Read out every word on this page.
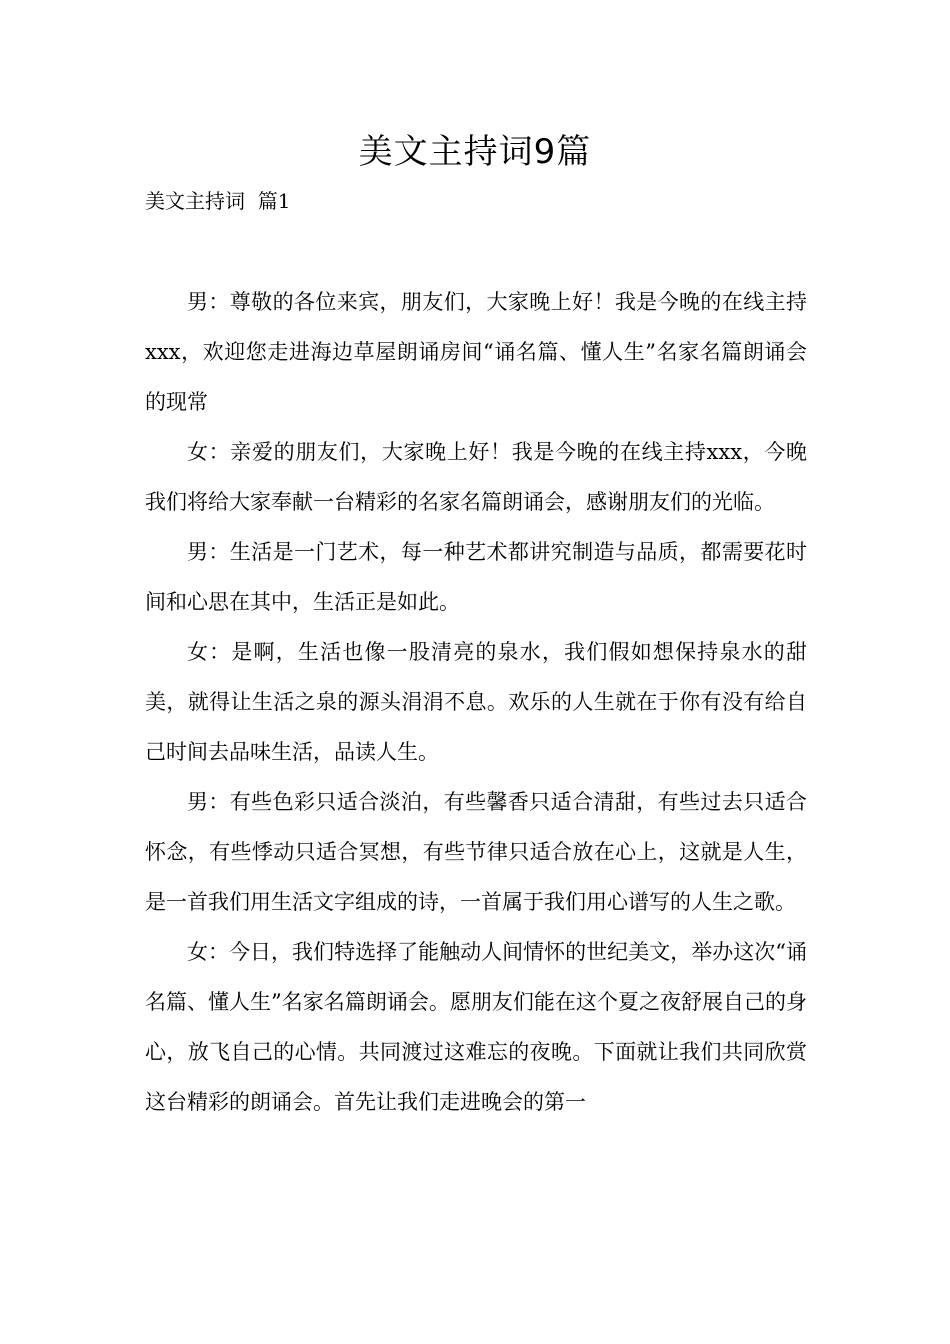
美文主持词9篇

美文主持词  篇1

男：尊敬的各位来宾，朋友们，大家晚上好！我是今晚的在线主持xxx，欢迎您走进海边草屋朗诵房间“诵名篇、懂人生”名家名篇朗诵会的现常

女：亲爱的朋友们，大家晚上好！我是今晚的在线主持xxx，今晚我们将给大家奉献一台精彩的名家名篇朗诵会，感谢朋友们的光临。

男：生活是一门艺术，每一种艺术都讲究制造与品质，都需要花时间和心思在其中，生活正是如此。

女：是啊，生活也像一股清亮的泉水，我们假如想保持泉水的甜美，就得让生活之泉的源头涓涓不息。欢乐的人生就在于你有没有给自己时间去品味生活，品读人生。

男：有些色彩只适合淡泊，有些馨香只适合清甜，有些过去只适合怀念，有些悸动只适合冥想，有些节律只适合放在心上，这就是人生，是一首我们用生活文字组成的诗，一首属于我们用心谱写的人生之歌。

女：今日，我们特选择了能触动人间情怀的世纪美文，举办这次“诵名篇、懂人生”名家名篇朗诵会。愿朋友们能在这个夏之夜舒展自己的身心，放飞自己的心情。共同渡过这难忘的夜晚。下面就让我们共同欣赏这台精彩的朗诵会。首先让我们走进晚会的第一
